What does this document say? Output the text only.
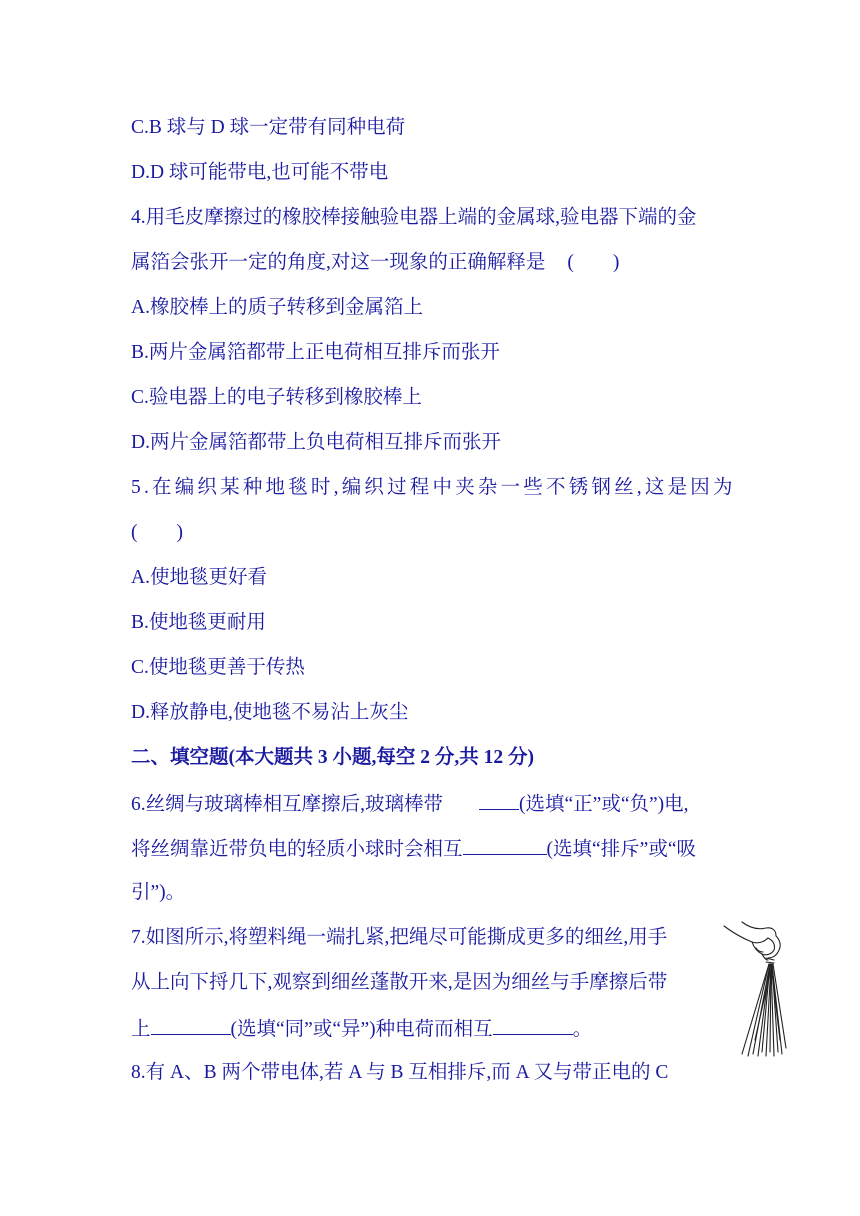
C.B 球与 D 球一定带有同种电荷
D.D 球可能带电,也可能不带电
4.用毛皮摩擦过的橡胶棒接触验电器上端的金属球,验电器下端的金
属箔会张开一定的角度,对这一现象的正确解释是 (        )
A.橡胶棒上的质子转移到金属箔上
B.两片金属箔都带上正电荷相互排斥而张开
C.验电器上的电子转移到橡胶棒上
D.两片金属箔都带上负电荷相互排斥而张开
5.在编织某种地毯时,编织过程中夹杂一些不锈钢丝,这是因为
(        )
A.使地毯更好看
B.使地毯更耐用
C.使地毯更善于传热
D.释放静电,使地毯不易沾上灰尘
二、填空题(本大题共 3 小题,每空 2 分,共 12 分)
6.丝绸与玻璃棒相互摩擦后,玻璃棒带	(选填“正”或“负”)电,
将丝绸靠近带负电的轻质小球时会相互	(选填“排斥”或“吸
引”)。
7.如图所示,将塑料绳一端扎紧,把绳尽可能撕成更多的细丝,用手
从上向下捋几下,观察到细丝蓬散开来,是因为细丝与手摩擦后带
上	(选填“同”或“异”)种电荷而相互	。
8.有 A、B 两个带电体,若 A 与 B 互相排斥,而 A 又与带正电的 C
